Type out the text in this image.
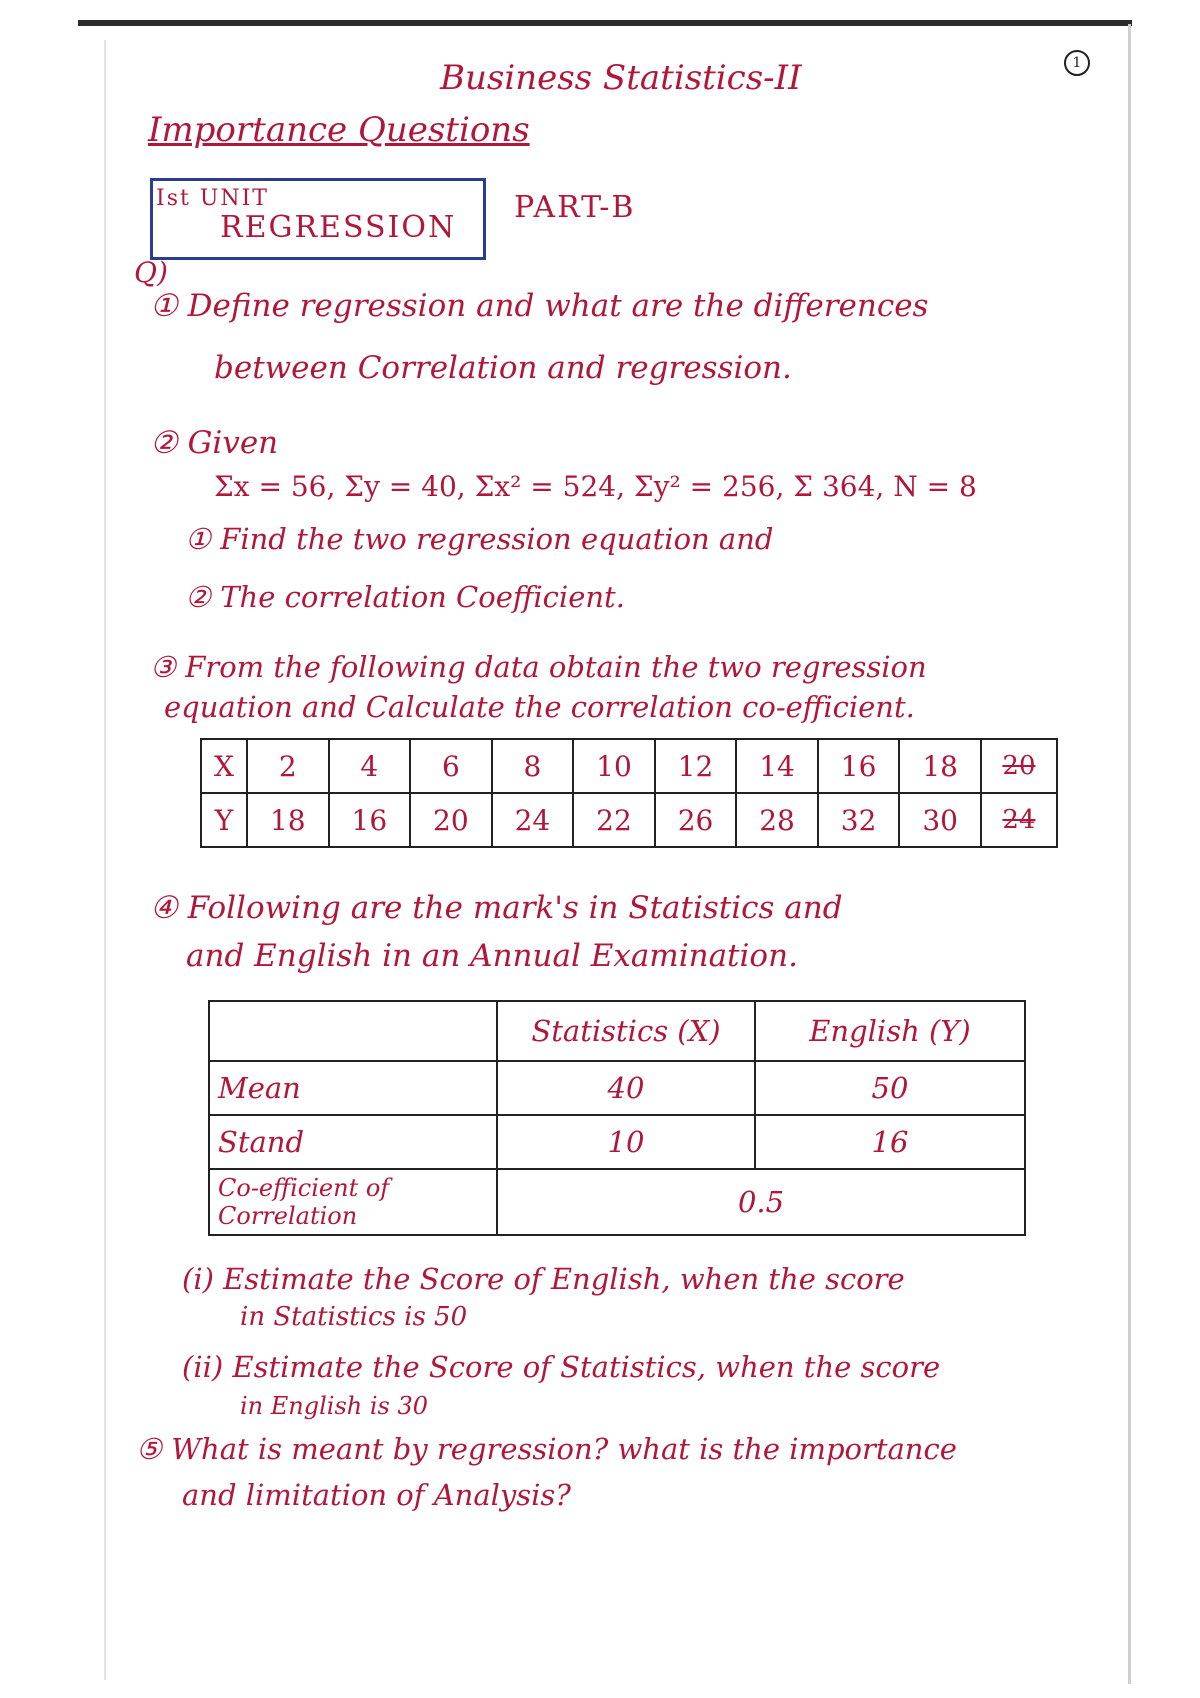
1
Business Statistics-II
Importance Questions
Ist UNIT
REGRESSION
PART-B
Q)
① Define regression and what are the differences
between Correlation and regression.
② Given
Σx = 56, Σy = 40, Σx² = 524, Σy² = 256, Σ 364, N = 8
① Find the two regression equation and
② The correlation Coefficient.
③ From the following data obtain the two regression
equation and Calculate the correlation co-efficient.
X	2	4	6	8	10	12	14	16	18	20
Y	18	16	20	24	22	26	28	32	30	24
④ Following are the mark's in Statistics and
and English in an Annual Examination.
	Statistics (X)	English (Y)
Mean	40	50
Stand	10	16
Co-efficient of Correlation	0.5	
(i) Estimate the Score of English, when the score
in Statistics is 50
(ii) Estimate the Score of Statistics, when the score
in English is 30
⑤ What is meant by regression? what is the importance
and limitation of Analysis?
